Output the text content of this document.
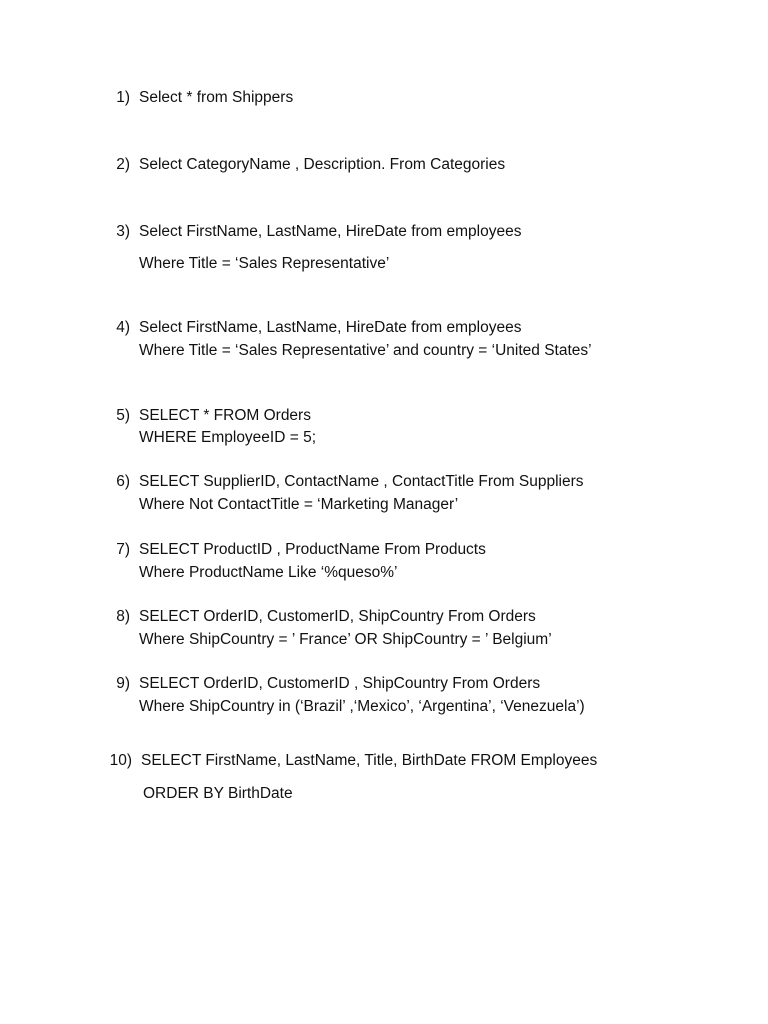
1) Select * from Shippers
2) Select CategoryName , Description. From Categories
3) Select FirstName, LastName, HireDate from employees
Where Title = ‘Sales Representative’
4) Select FirstName, LastName, HireDate from employees
Where Title = ‘Sales Representative’ and country = ‘United States’
5) SELECT * FROM Orders
WHERE EmployeeID = 5;
6) SELECT SupplierID, ContactName , ContactTitle From Suppliers
Where Not ContactTitle = ‘Marketing Manager’
7) SELECT ProductID , ProductName From Products
Where ProductName Like ‘%queso%’
8) SELECT OrderID, CustomerID, ShipCountry From Orders
Where ShipCountry = ’ France’ OR ShipCountry = ’ Belgium’
9) SELECT OrderID, CustomerID , ShipCountry From Orders
Where ShipCountry in (‘Brazil’ ,‘Mexico’, ‘Argentina’, ‘Venezuela’)
10) SELECT FirstName, LastName, Title, BirthDate FROM Employees
ORDER BY BirthDate
